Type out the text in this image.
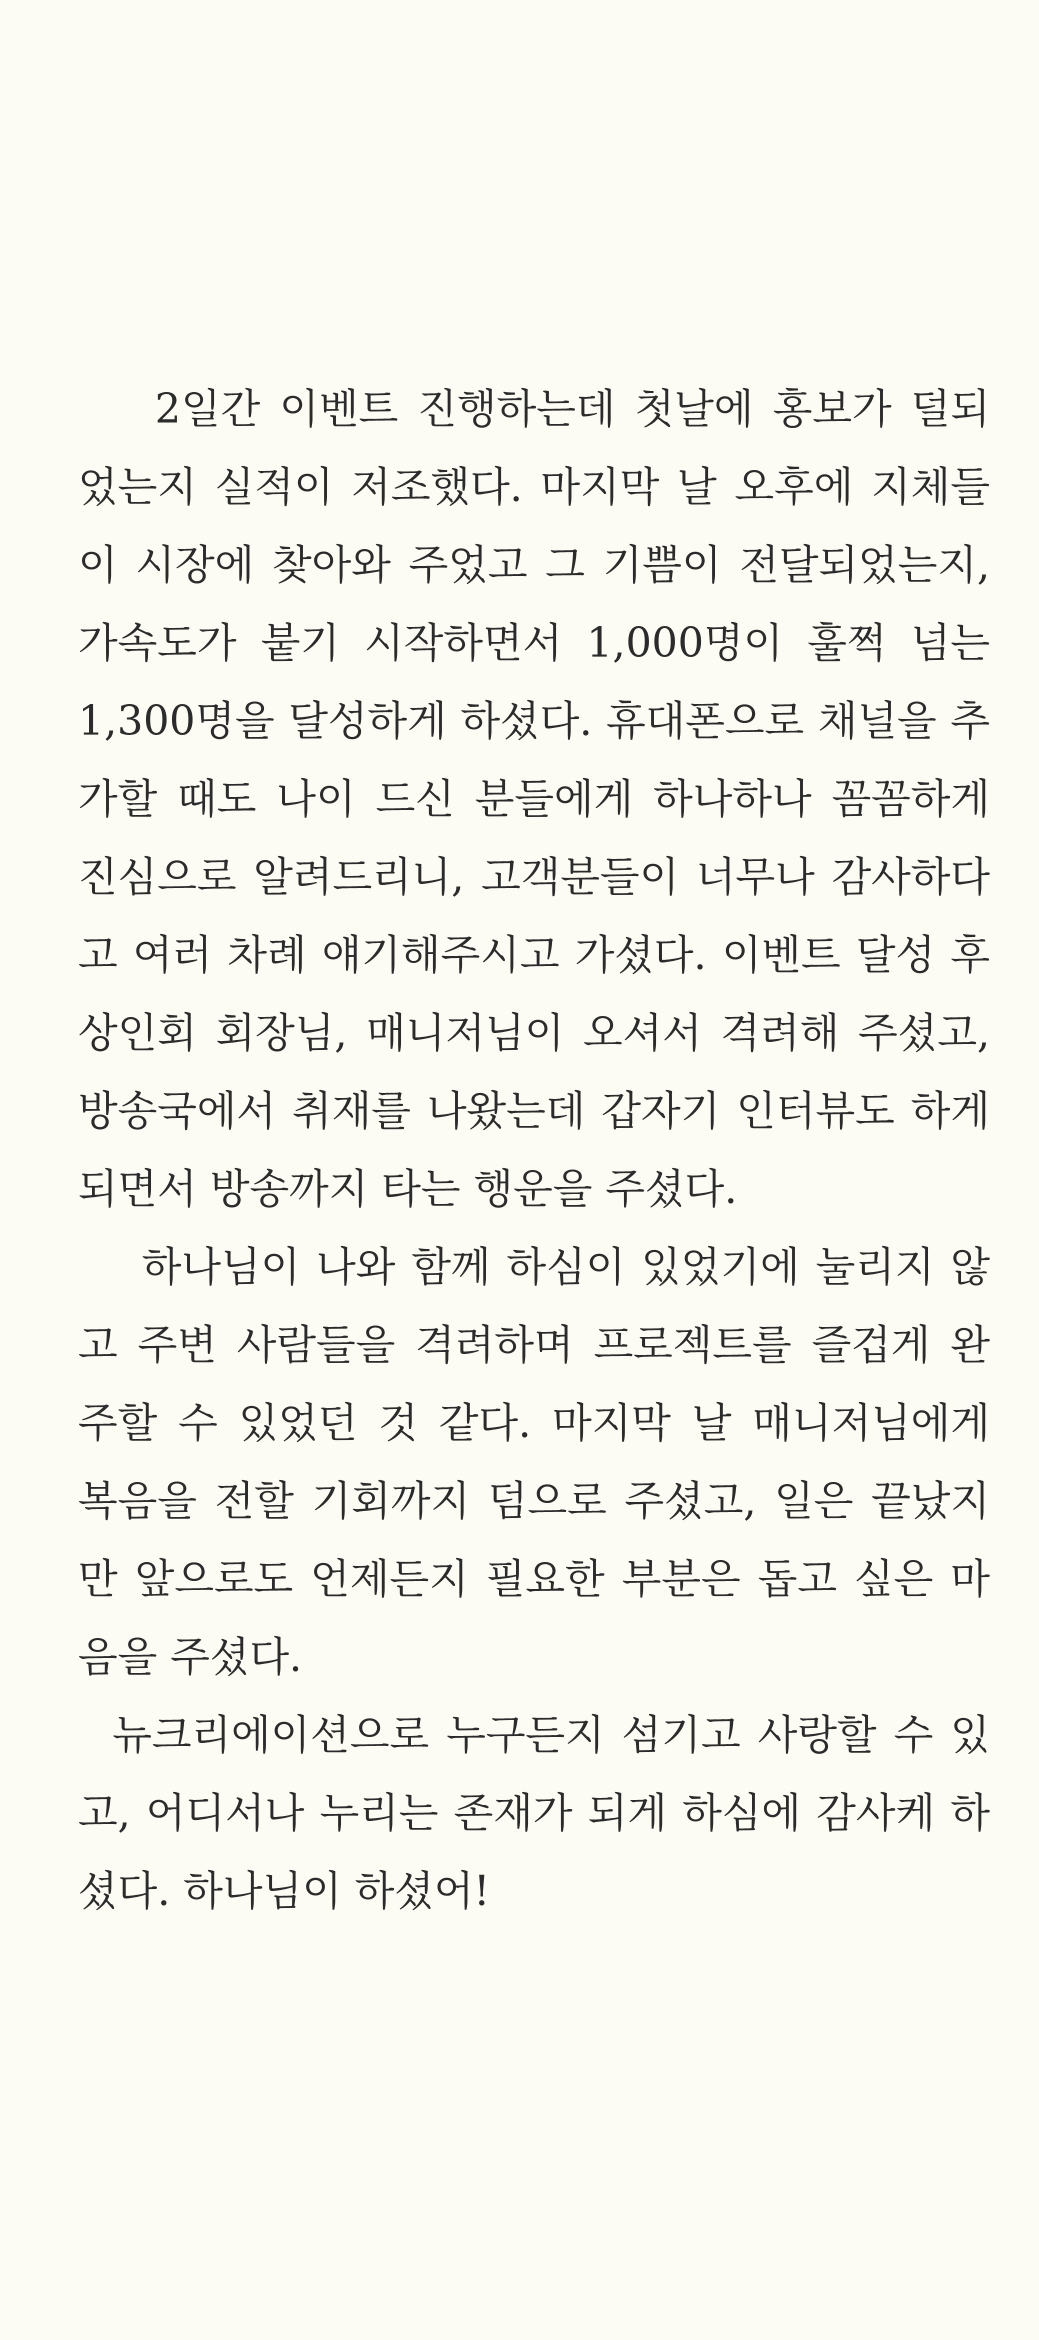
2일간 이벤트 진행하는데 첫날에 홍보가 덜되
었는지 실적이 저조했다. 마지막 날 오후에 지체들
이 시장에 찾아와 주었고 그 기쁨이 전달되었는지,
가속도가 붙기 시작하면서 1,000명이 훌쩍 넘는
1,300명을 달성하게 하셨다. 휴대폰으로 채널을 추
가할 때도 나이 드신 분들에게 하나하나 꼼꼼하게
진심으로 알려드리니, 고객분들이 너무나 감사하다
고 여러 차례 얘기해주시고 가셨다. 이벤트 달성 후
상인회 회장님, 매니저님이 오셔서 격려해 주셨고,
방송국에서 취재를 나왔는데 갑자기 인터뷰도 하게
되면서 방송까지 타는 행운을 주셨다.
하나님이 나와 함께 하심이 있었기에 눌리지 않
고 주변 사람들을 격려하며 프로젝트를 즐겁게 완
주할 수 있었던 것 같다. 마지막 날 매니저님에게
복음을 전할 기회까지 덤으로 주셨고, 일은 끝났지
만 앞으로도 언제든지 필요한 부분은 돕고 싶은 마
음을 주셨다.
뉴크리에이션으로 누구든지 섬기고 사랑할 수 있
고, 어디서나 누리는 존재가 되게 하심에 감사케 하
셨다. 하나님이 하셨어!
